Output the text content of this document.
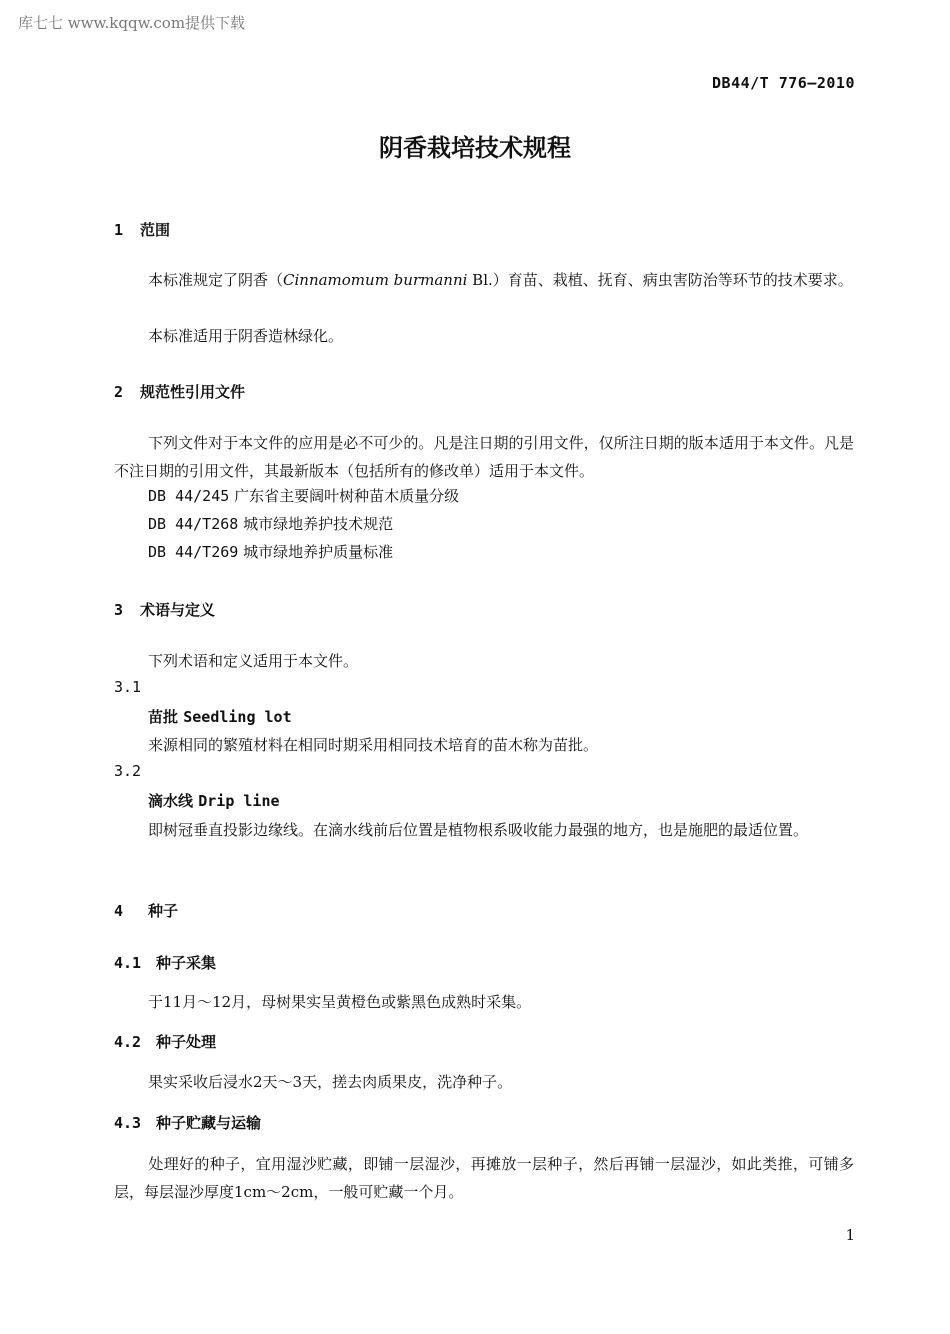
库七七 www.kqqw.com提供下载
DB44/T 776—2010
阴香栽培技术规程
1 范围
本标准规定了阴香（Cinnamomum burmanni Bl.）育苗、栽植、抚育、病虫害防治等环节的技术要求。
本标准适用于阴香造林绿化。
2 规范性引用文件
下列文件对于本文件的应用是必不可少的。凡是注日期的引用文件，仅所注日期的版本适用于本文件。凡是不注日期的引用文件，其最新版本（包括所有的修改单）适用于本文件。
DB 44/245 广东省主要阔叶树种苗木质量分级
DB 44/T268 城市绿地养护技术规范
DB 44/T269 城市绿地养护质量标准
3 术语与定义
下列术语和定义适用于本文件。
3.1
苗批 Seedling lot
来源相同的繁殖材料在相同时期采用相同技术培育的苗木称为苗批。
3.2
滴水线 Drip line
即树冠垂直投影边缘线。在滴水线前后位置是植物根系吸收能力最强的地方，也是施肥的最适位置。
4 种子
4.1 种子采集
于11月～12月，母树果实呈黄橙色或紫黑色成熟时采集。
4.2 种子处理
果实采收后浸水2天～3天，搓去肉质果皮，洗净种子。
4.3 种子贮藏与运输
处理好的种子，宜用湿沙贮藏，即铺一层湿沙，再摊放一层种子，然后再铺一层湿沙，如此类推，可铺多层，每层湿沙厚度1cm～2cm，一般可贮藏一个月。
1
